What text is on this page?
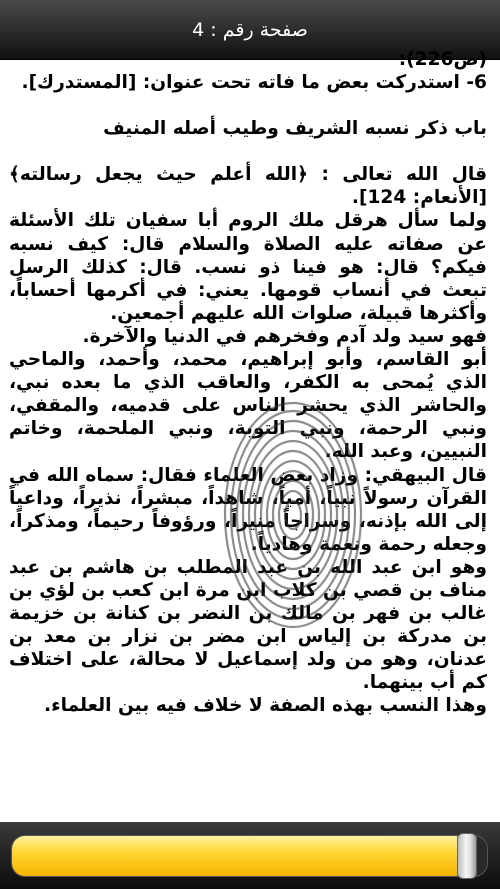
صفحة رقم : 4

(ص226):

6- استدركت بعض ما فاته تحت عنوان: [المستدرك].

باب ذكر نسبه الشريف وطيب أصله المنيف

قال الله تعالى : ﴿الله أعلم حيث يجعل رسالته﴾[الأنعام: 124].

ولما سأل هرقل ملك الروم أبا سفيان تلك الأسئلة عن صفاته عليه الصلاة والسلام قال: كيف نسبه فيكم؟ قال: هو فينا ذو نسب. قال: كذلك الرسل تبعث في أنساب قومها. يعني: في أكرمها أحساباً، وأكثرها قبيلة، صلوات الله عليهم أجمعين.

فهو سيد ولد آدم وفخرهم في الدنيا والآخرة.

أبو القاسم، وأبو إبراهيم، محمد، وأحمد، والماحي الذي يُمحى به الكفر، والعاقب الذي ما بعده نبي، والحاشر الذي يحشر الناس على قدميه، والمقفي، ونبي الرحمة، ونبي التوبة، ونبي الملحمة، وخاتم النبيين، وعبد الله.

قال البيهقي: وزاد بعض العلماء فقال: سماه الله في القرآن رسولاً نبياً، أمياً، شاهداً، مبشراً، نذيراً، وداعياً إلى الله بإذنه، وسراجاً منيراً، ورؤوفاً رحيماً، ومذكراً، وجعله رحمة ونعمة وهادياً.

وهو ابن عبد الله بن عبد المطلب بن هاشم بن عبد مناف بن قصي بن كلاب ابن مرة ابن كعب بن لؤي بن غالب بن فهر بن مالك بن النضر بن كنانة بن خزيمة بن مدركة بن إلياس ابن مضر بن نزار بن معد بن عدنان، وهو من ولد إسماعيل لا محالة، على اختلاف كم أب بينهما.

وهذا النسب بهذه الصفة لا خلاف فيه بين العلماء.
